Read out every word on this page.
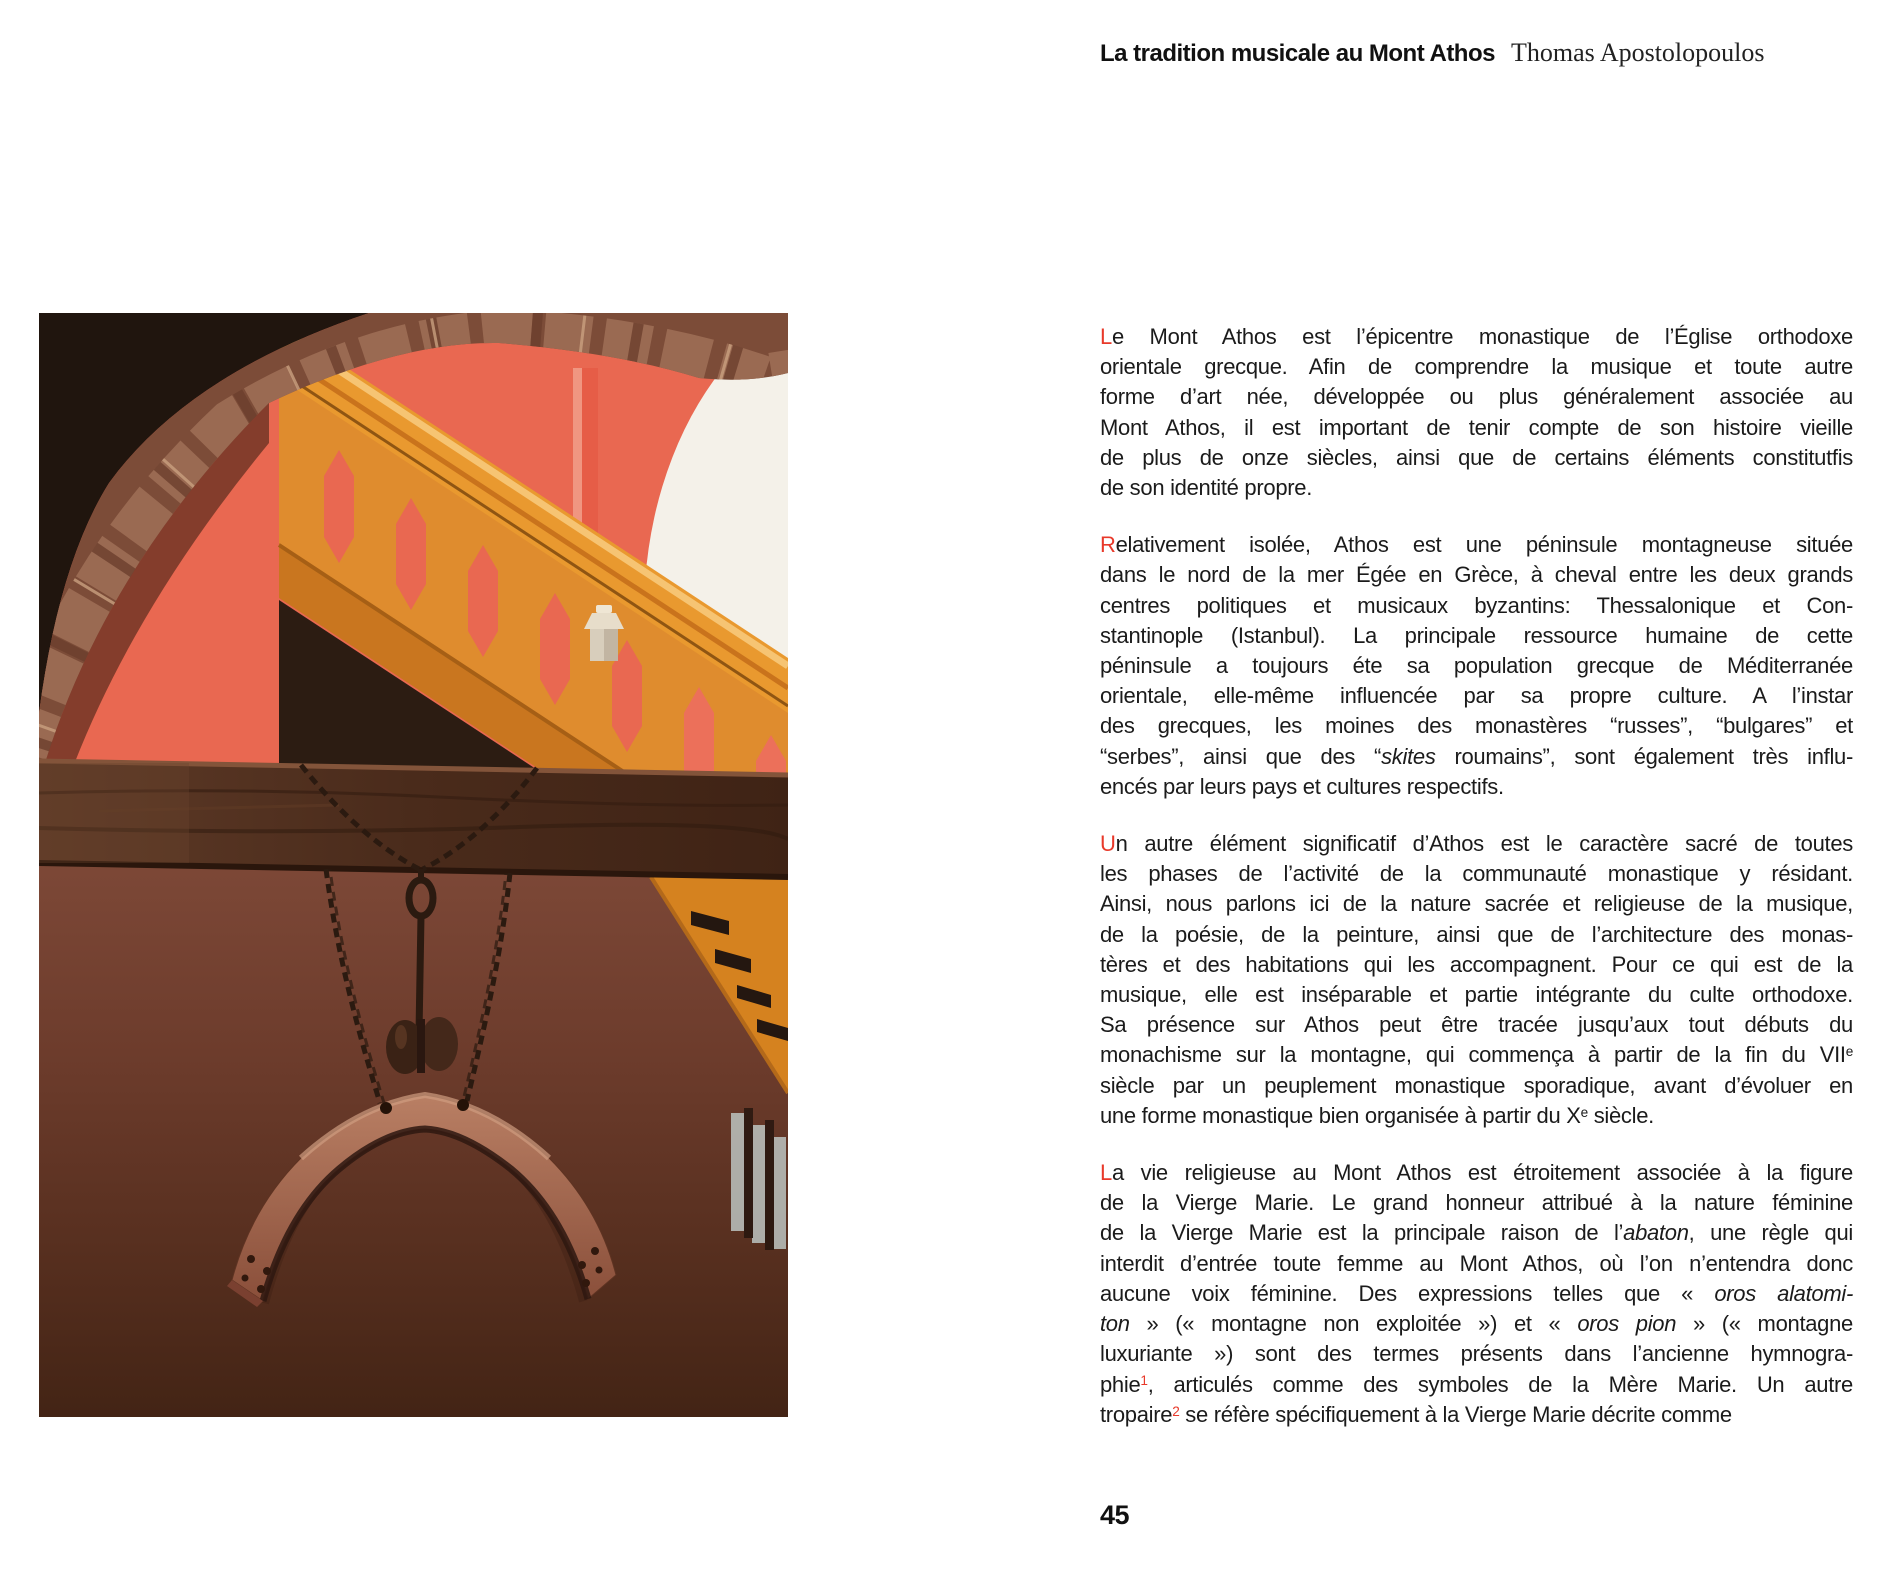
La tradition musicale au Mont Athos Thomas Apostolopoulos
Le Mont Athos est l’épicentre monastique de l’Église orthodoxe
orientale grecque. Afin de comprendre la musique et toute autre
forme d’art née, développée ou plus généralement associée au
Mont Athos, il est important de tenir compte de son histoire vieille
de plus de onze siècles, ainsi que de certains éléments constitutfis
de son identité propre.
Relativement isolée, Athos est une péninsule montagneuse située
dans le nord de la mer Égée en Grèce, à cheval entre les deux grands
centres politiques et musicaux byzantins: Thessalonique et Con-
stantinople (Istanbul). La principale ressource humaine de cette
péninsule a toujours éte sa population grecque de Méditerranée
orientale, elle-même influencée par sa propre culture. A l’instar
des grecques, les moines des monastères “russes”, “bulgares” et
“serbes”, ainsi que des “skites roumains”, sont également très influ-
encés par leurs pays et cultures respectifs.
Un autre élément significatif d’Athos est le caractère sacré de toutes
les phases de l’activité de la communauté monastique y résidant.
Ainsi, nous parlons ici de la nature sacrée et religieuse de la musique,
de la poésie, de la peinture, ainsi que de l’architecture des monas-
tères et des habitations qui les accompagnent. Pour ce qui est de la
musique, elle est inséparable et partie intégrante du culte orthodoxe.
Sa présence sur Athos peut être tracée jusqu’aux tout débuts du
monachisme sur la montagne, qui commença à partir de la fin du VIIe
siècle par un peuplement monastique sporadique, avant d’évoluer en
une forme monastique bien organisée à partir du Xe siècle.
La vie religieuse au Mont Athos est étroitement associée à la figure
de la Vierge Marie. Le grand honneur attribué à la nature féminine
de la Vierge Marie est la principale raison de l’abaton, une règle qui
interdit d’entrée toute femme au Mont Athos, où l’on n’entendra donc
aucune voix féminine. Des expressions telles que « oros alatomi-
ton » (« montagne non exploitée ») et « oros pion » (« montagne
luxuriante ») sont des termes présents dans l’ancienne hymnogra-
phie$^1$, articulés comme des symboles de la Mère Marie. Un autre
tropaire$^2$ se réfère spécifiquement à la Vierge Marie décrite comme
45
